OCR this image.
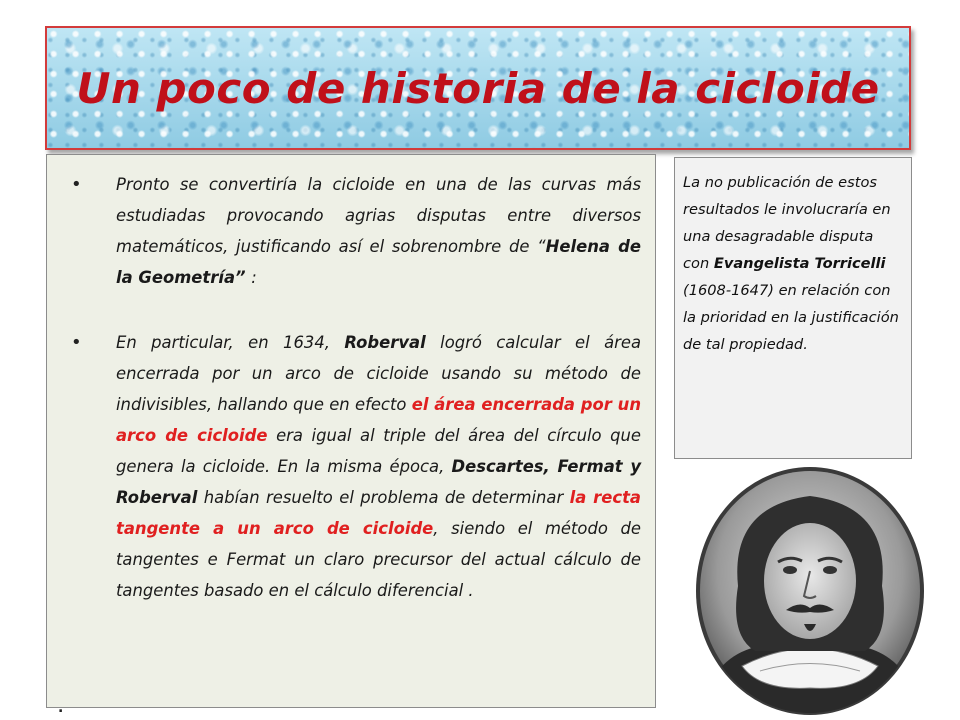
Un poco de historia de la cicloide
• Pronto se convertiría la cicloide en una de las curvas más estudiadas provocando agrias disputas entre diversos matemáticos, justificando así el sobrenombre de “Helena de la Geometría” :
• En particular, en 1634, Roberval logró calcular el área encerrada por un arco de cicloide usando su método de indivisibles, hallando que en efecto el área encerrada por un arco de cicloide era igual al triple del área del círculo que genera la cicloide. En la misma época, Descartes, Fermat y Roberval habían resuelto el problema de determinar la recta tangente a un arco de cicloide, siendo el método de tangentes e Fermat un claro precursor del actual cálculo de tangentes basado en el cálculo diferencial .
.
La no publicación de estos resultados le involucraría en una desagradable disputa con Evangelista Torricelli (1608-1647) en relación con la prioridad en la justificación de tal propiedad.
